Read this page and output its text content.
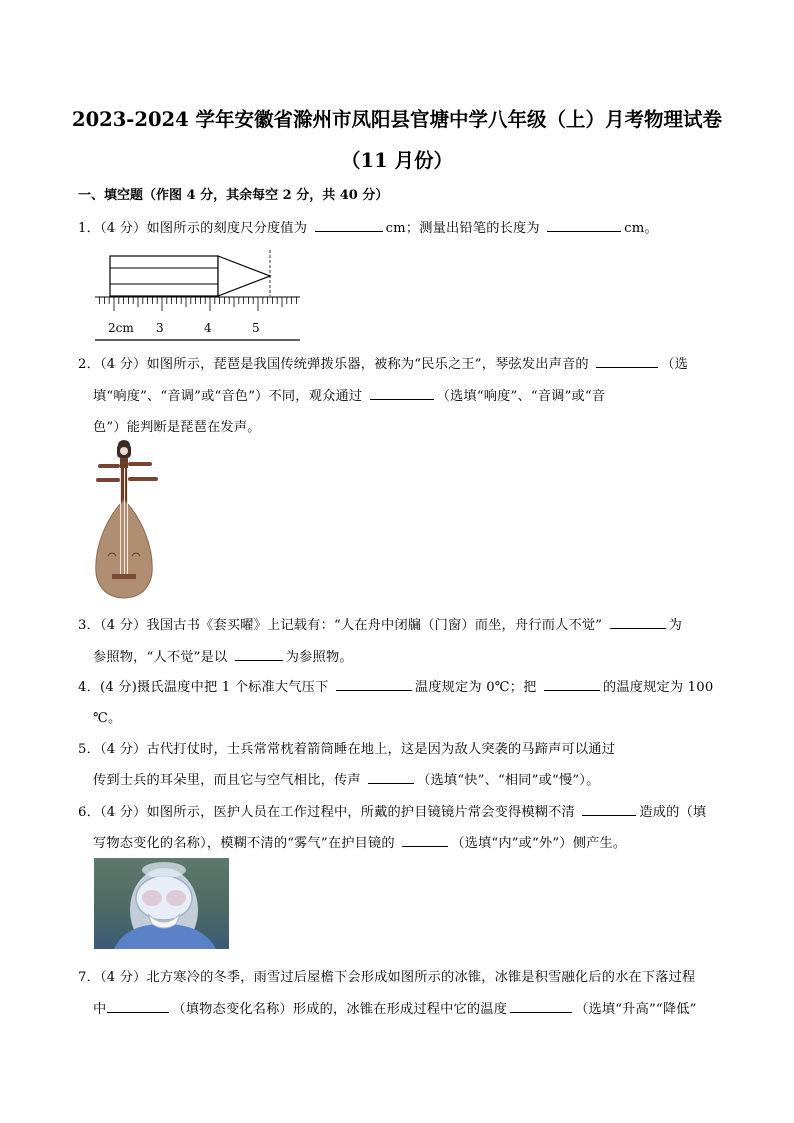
2023-2024 学年安徽省滁州市凤阳县官塘中学八年级（上）月考物理试卷
（11 月份）
一、填空题（作图 4 分，其余每空 2 分，共 40 分）
1．（4 分）如图所示的刻度尺分度值为	cm；测量出铅笔的长度为	cm。
2cm 3	4	5
2．（4 分）如图所示，琵琶是我国传统弹拨乐器，被称为“民乐之王”，琴弦发出声音的	（选
填“响度”、“音调”或“音色”）不同，观众通过	（选填“响度”、“音调”或“音
色”）能判断是琵琶在发声。
3．（4 分）我国古书《套买曜》上记载有：“人在舟中闭牖（门窗）而坐，舟行而人不觉”	为
参照物，“人不觉”是以	为参照物。
4．(4 分)摄氏温度中把 1 个标准大气压下	温度规定为 0℃；把	的温度规定为 100
℃。
5．（4 分）古代打仗时，士兵常常枕着箭筒睡在地上，这是因为敌人突袭的马蹄声可以通过
传到士兵的耳朵里，而且它与空气相比，传声	（选填“快”、“相同”或“慢”）。
6．（4 分）如图所示，医护人员在工作过程中，所戴的护目镜镜片常会变得模糊不清	造成的（填
写物态变化的名称），模糊不清的“雾气”在护目镜的	（选填“内”或“外”）侧产生。
7．（4 分）北方寒冷的冬季，雨雪过后屋檐下会形成如图所示的冰锥，冰锥是积雪融化后的水在下落过程
中	（填物态变化名称）形成的，冰锥在形成过程中它的温度	（选填“升高”“降低”
